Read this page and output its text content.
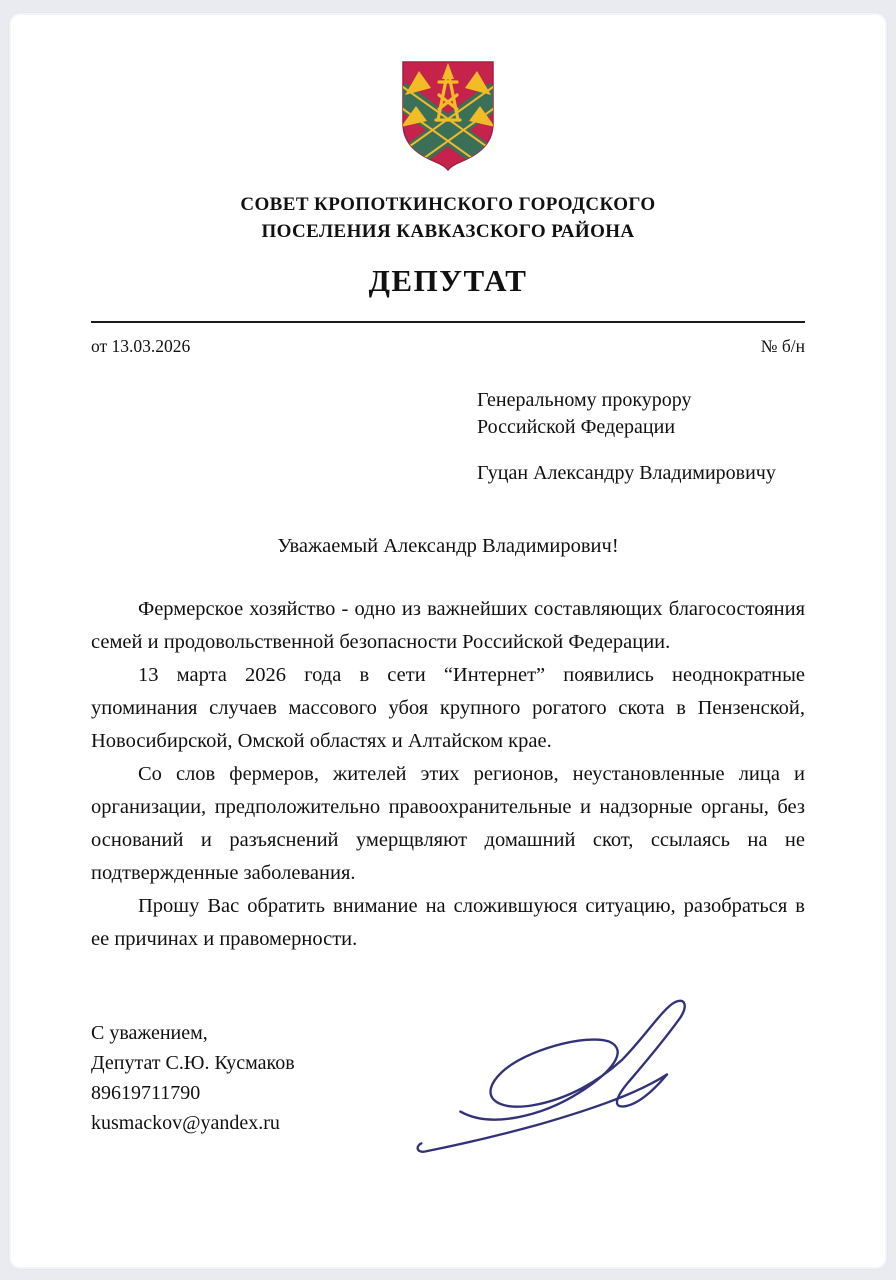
СОВЕТ КРОПОТКИНСКОГО ГОРОДСКОГО
ПОСЕЛЕНИЯ КАВКАЗСКОГО РАЙОНА
ДЕПУТАТ
от 13.03.2026	№ б/н
Генеральному прокурору
Российской Федерации
Гуцан Александру Владимировичу
Уважаемый Александр Владимирович!

Фермерское хозяйство - одно из важнейших составляющих благосостояния семей и продовольственной безопасности Российской Федерации.

13 марта 2026 года в сети “Интернет” появились неоднократные упоминания случаев массового убоя крупного рогатого скота в Пензенской, Новосибирской, Омской областях и Алтайском крае.

Со слов фермеров, жителей этих регионов, неустановленные лица и организации, предположительно правоохранительные и надзорные органы, без оснований и разъяснений умерщвляют домашний скот, ссылаясь на не подтвержденные заболевания.

Прошу Вас обратить внимание на сложившуюся ситуацию, разобраться в ее причинах и правомерности.

С уважением,
Депутат С.Ю. Кусмаков
89619711790
kusmackov@yandex.ru
